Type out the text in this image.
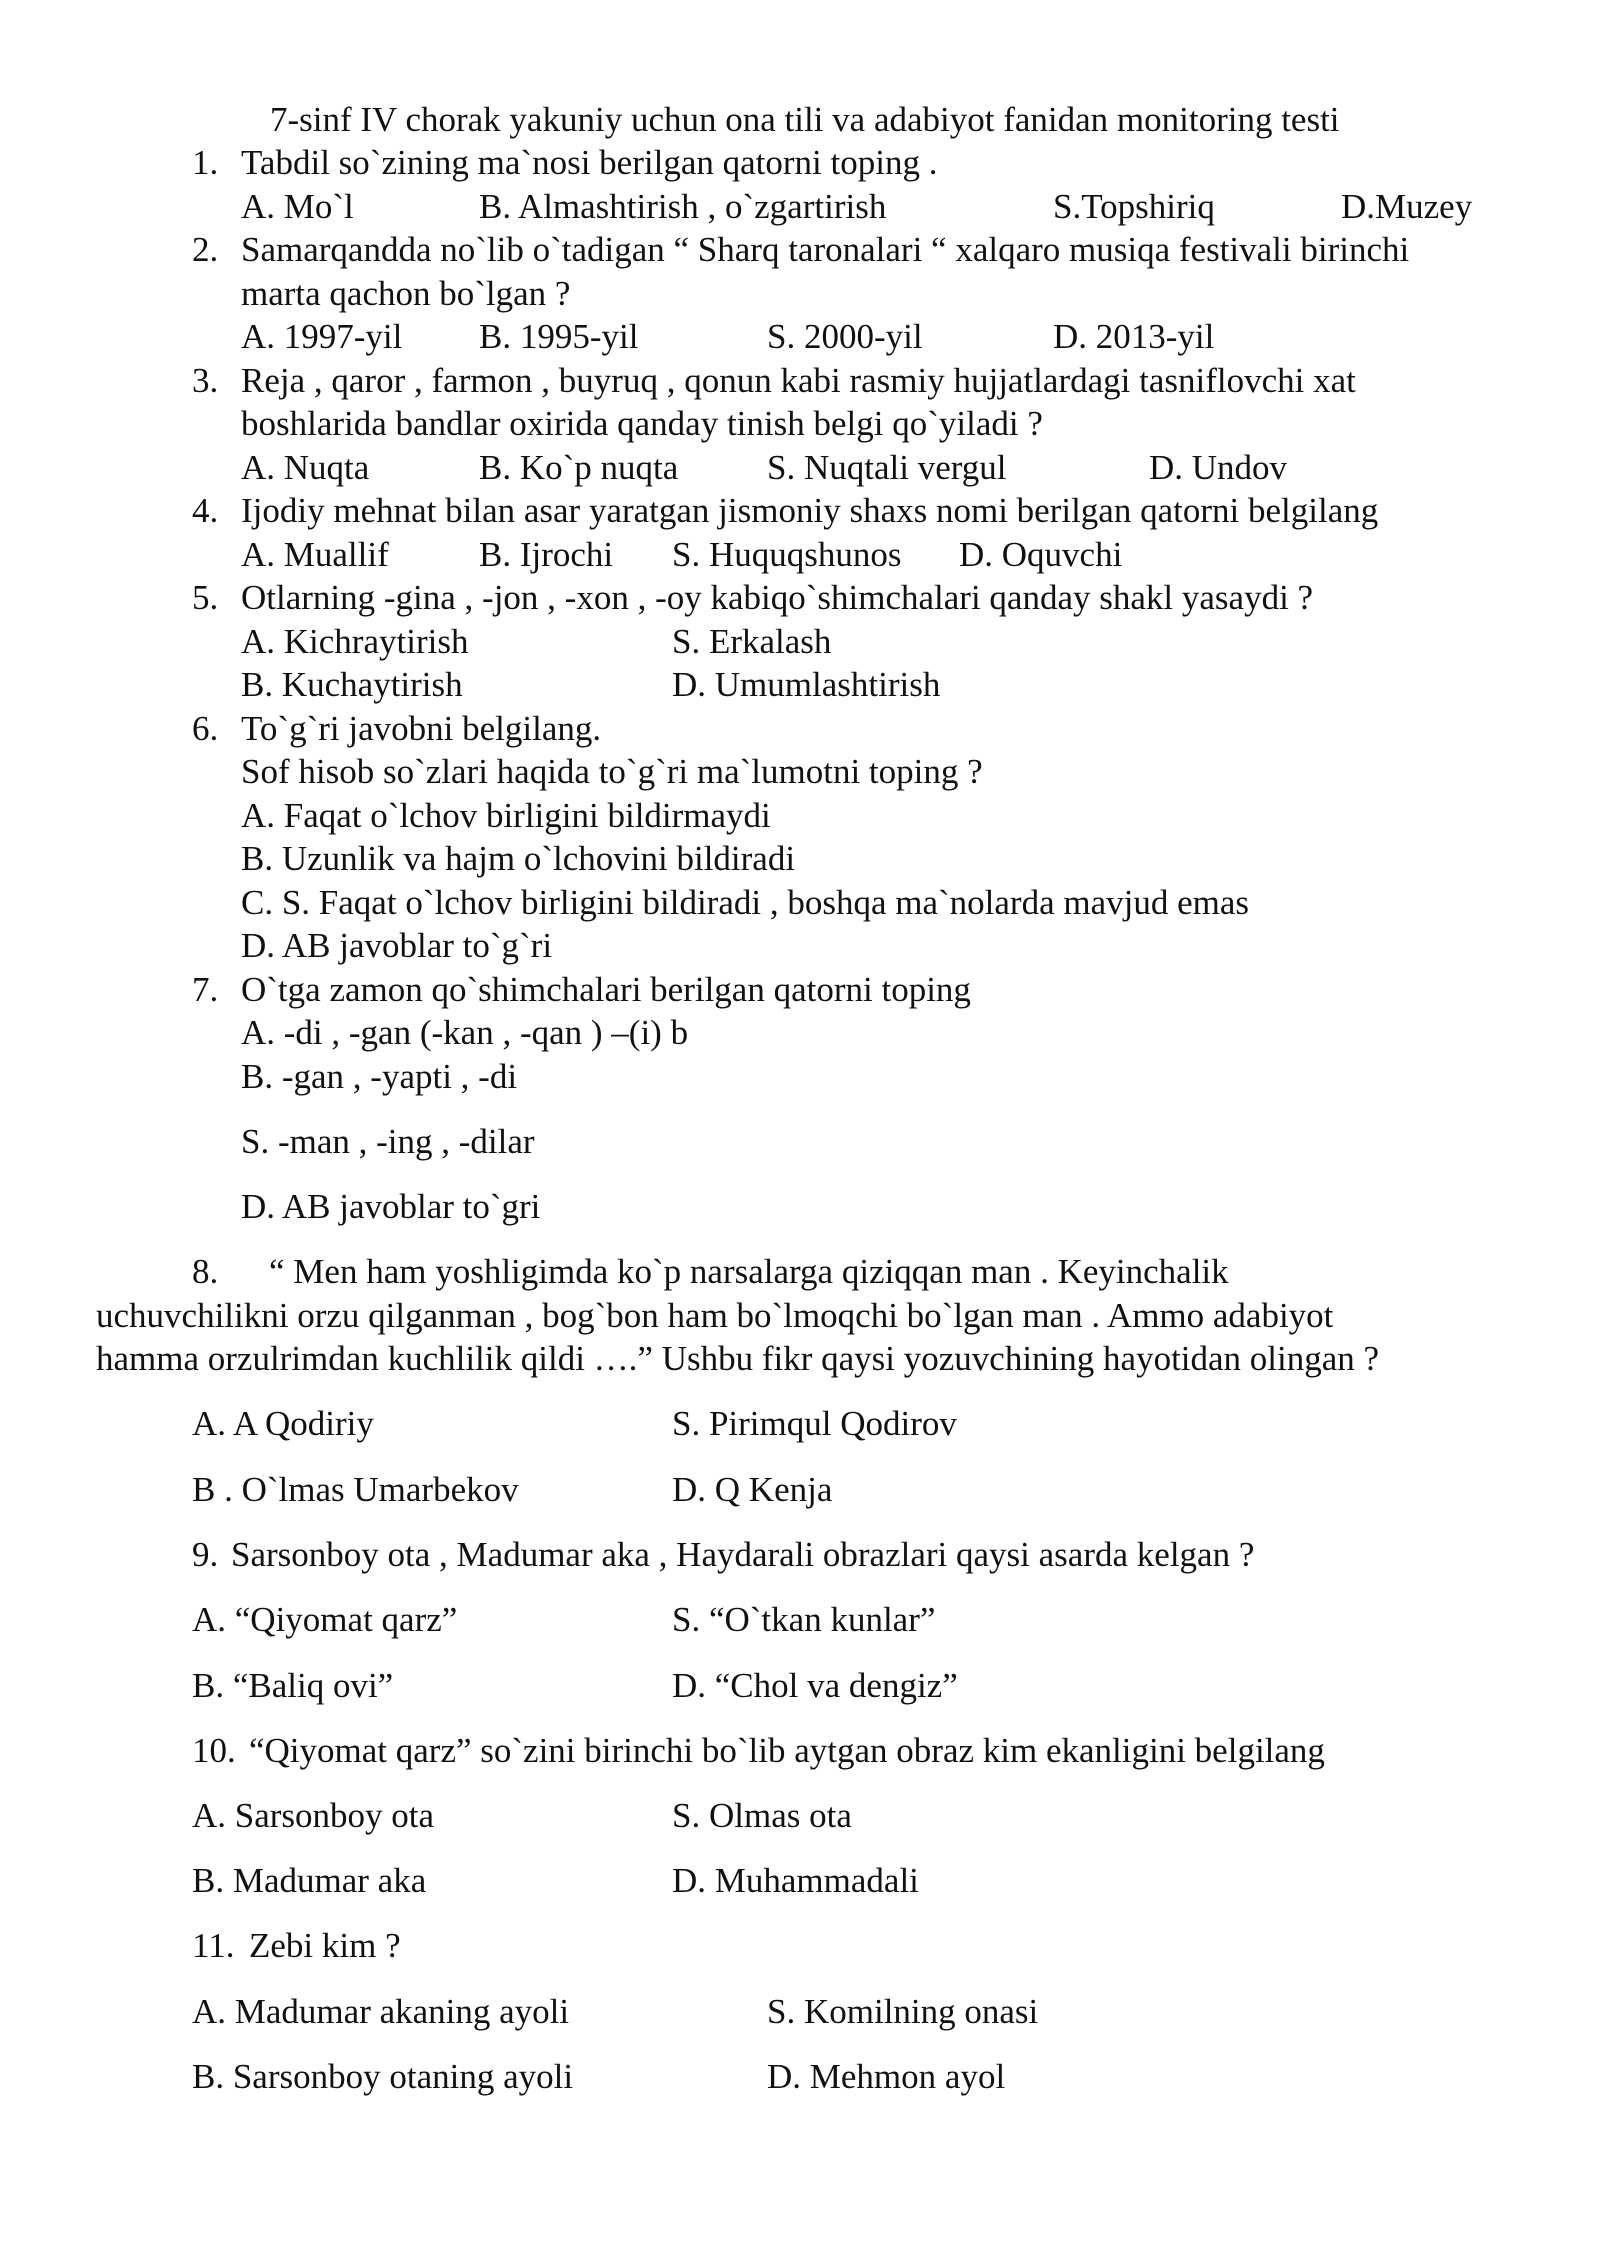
7-sinf IV chorak yakuniy uchun ona tili va adabiyot fanidan monitoring testi
1. Tabdil so`zining ma`nosi berilgan qatorni toping .
A. Mo`l	B. Almashtirish , o`zgartirish	S.Topshiriq	D.Muzey
2. Samarqandda no`lib o`tadigan “ Sharq taronalari “ xalqaro musiqa festivali birinchi
marta qachon bo`lgan ?
A. 1997-yil B. 1995-yil	S. 2000-yil	D. 2013-yil
3. Reja , qaror , farmon , buyruq , qonun kabi rasmiy hujjatlardagi tasniflovchi xat
boshlarida bandlar oxirida qanday tinish belgi qo`yiladi ?
A. Nuqta	B. Ko`p nuqta	S. Nuqtali vergul	D. Undov
4. Ijodiy mehnat bilan asar yaratgan jismoniy shaxs nomi berilgan qatorni belgilang
A. Muallif	B. Ijrochi S. Huquqshunos D. Oquvchi
5. Otlarning -gina , -jon , -xon , -oy kabiqo`shimchalari qanday shakl yasaydi ?
A. Kichraytirish	S. Erkalash
B. Kuchaytirish	D. Umumlashtirish
6. To`g`ri javobni belgilang.
Sof hisob so`zlari haqida to`g`ri ma`lumotni toping ?
A. Faqat o`lchov birligini bildirmaydi
B. Uzunlik va hajm o`lchovini bildiradi
C. S. Faqat o`lchov birligini bildiradi , boshqa ma`nolarda mavjud emas
D. AB javoblar to`g`ri
7. O`tga zamon qo`shimchalari berilgan qatorni toping
A. -di , -gan (-kan , -qan ) –(i) b
B. -gan , -yapti , -di
S. -man , -ing , -dilar
D. AB javoblar to`gri
8. “ Men ham yoshligimda ko`p narsalarga qiziqqan man . Keyinchalik
uchuvchilikni orzu qilganman , bog`bon ham bo`lmoqchi bo`lgan man . Ammo adabiyot
hamma orzulrimdan kuchlilik qildi ….” Ushbu fikr qaysi yozuvchining hayotidan olingan ?
A. A Qodiriy	S. Pirimqul Qodirov
B . O`lmas Umarbekov	D. Q Kenja
9. Sarsonboy ota , Madumar aka , Haydarali obrazlari qaysi asarda kelgan ?
A. “Qiyomat qarz”	S. “O`tkan kunlar”
B. “Baliq ovi”	D. “Chol va dengiz”
10. “Qiyomat qarz” so`zini birinchi bo`lib aytgan obraz kim ekanligini belgilang
A. Sarsonboy ota	S. Olmas ota
B. Madumar aka	D. Muhammadali
11. Zebi kim ?
A. Madumar akaning ayoli	S. Komilning onasi
B. Sarsonboy otaning ayoli	D. Mehmon ayol
